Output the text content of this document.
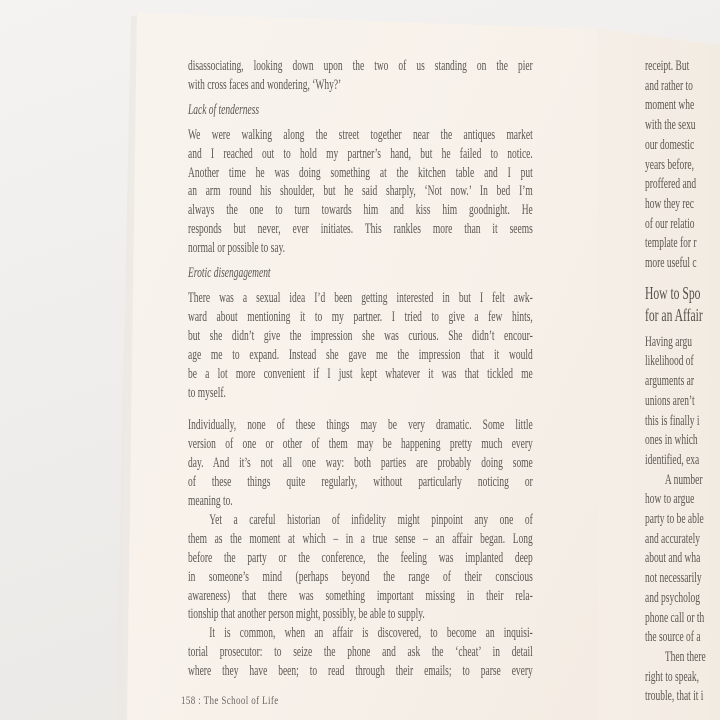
disassociating, looking down upon the two of us standing on the pier
with cross faces and wondering, ‘Why?’
Lack of tenderness
We were walking along the street together near the antiques market
and I reached out to hold my partner’s hand, but he failed to notice.
Another time he was doing something at the kitchen table and I put
an arm round his shoulder, but he said sharply, ‘Not now.’ In bed I’m
always the one to turn towards him and kiss him goodnight. He
responds but never, ever initiates. This rankles more than it seems
normal or possible to say.
Erotic disengagement
There was a sexual idea I’d been getting interested in but I felt awk-
ward about mentioning it to my partner. I tried to give a few hints,
but she didn’t give the impression she was curious. She didn’t encour-
age me to expand. Instead she gave me the impression that it would
be a lot more convenient if I just kept whatever it was that tickled me
to myself.
Individually, none of these things may be very dramatic. Some little
version of one or other of them may be happening pretty much every
day. And it’s not all one way: both parties are probably doing some
of these things quite regularly, without particularly noticing or
meaning to.
Yet a careful historian of infidelity might pinpoint any one of
them as the moment at which – in a true sense – an affair began. Long
before the party or the conference, the feeling was implanted deep
in someone’s mind (perhaps beyond the range of their conscious
awareness) that there was something important missing in their rela-
tionship that another person might, possibly, be able to supply.
It is common, when an affair is discovered, to become an inquisi-
torial prosecutor: to seize the phone and ask the ‘cheat’ in detail
where they have been; to read through their emails; to parse every
158 : The School of Life
receipt. But
and rather to
moment whe
with the sexu
our domestic
years before,
proffered and
how they rec
of our relatio
template for r
more useful c
How to Spo
for an Affair
Having argu
likelihood of
arguments ar
unions aren’t
this is finally i
ones in which
identified, exa
A number
how to argue
party to be able
and accurately
about and wha
not necessarily
and psycholog
phone call or th
the source of a
Then there
right to speak,
trouble, that it i
